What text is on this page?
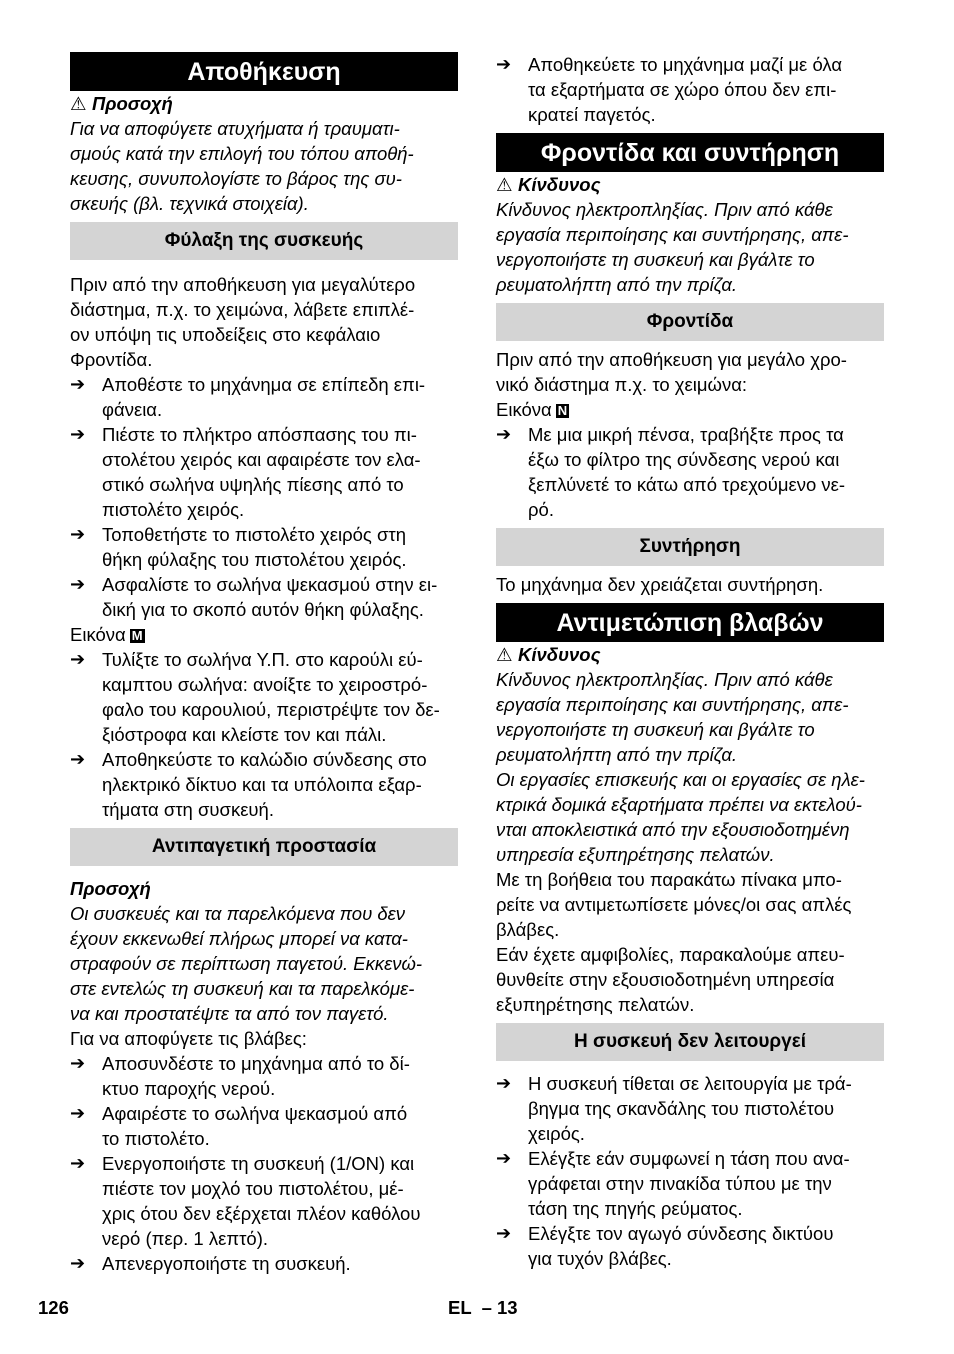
Αποθήκευση
⚠ Προσοχή
Για να αποφύγετε ατυχήματα ή τραυματι-
σμούς κατά την επιλογή του τόπου αποθή-
κευσης, συνυπολογίστε το βάρος της συ-
σκευής (βλ. τεχνικά στοιχεία).
Φύλαξη της συσκευής
Πριν από την αποθήκευση για μεγαλύτερο
διάστημα, π.χ. το χειμώνα, λάβετε επιπλέ-
ον υπόψη τις υποδείξεις στο κεφάλαιο
Φροντίδα.
➔ Αποθέστε το μηχάνημα σε επίπεδη επι-
φάνεια.
➔ Πιέστε το πλήκτρο απόσπασης του πι-
στολέτου χειρός και αφαιρέστε τον ελα-
στικό σωλήνα υψηλής πίεσης από το
πιστολέτο χειρός.
➔ Τοποθετήστε το πιστολέτο χειρός στη
θήκη φύλαξης του πιστολέτου χειρός.
➔ Ασφαλίστε το σωλήνα ψεκασμού στην ει-
δική για το σκοπό αυτόν θήκη φύλαξης.
Εικόνα M
➔ Τυλίξτε το σωλήνα Υ.Π. στο καρούλι εύ-
καμπτου σωλήνα: ανοίξτε το χειροστρό-
φαλο του καρουλιού, περιστρέψτε τον δε-
ξιόστροφα και κλείστε τον και πάλι.
➔ Αποθηκεύστε το καλώδιο σύνδεσης στο
ηλεκτρικό δίκτυο και τα υπόλοιπα εξαρ-
τήματα στη συσκευή.
Αντιπαγετική προστασία
Προσοχή
Οι συσκευές και τα παρελκόμενα που δεν
έχουν εκκενωθεί πλήρως μπορεί να κατα-
στραφούν σε περίπτωση παγετού. Εκκενώ-
στε εντελώς τη συσκευή και τα παρελκόμε-
να και προστατέψτε τα από τον παγετό.
Για να αποφύγετε τις βλάβες:
➔ Αποσυνδέστε το μηχάνημα από το δί-
κτυο παροχής νερού.
➔ Αφαιρέστε το σωλήνα ψεκασμού από
το πιστολέτο.
➔ Ενεργοποιήστε τη συσκευή (1/ON) και
πιέστε τον μοχλό του πιστολέτου, μέ-
χρις ότου δεν εξέρχεται πλέον καθόλου
νερό (περ. 1 λεπτό).
➔ Απενεργοποιήστε τη συσκευή.
➔ Αποθηκεύετε το μηχάνημα μαζί με όλα
τα εξαρτήματα σε χώρο όπου δεν επι-
κρατεί παγετός.
Φροντίδα και συντήρηση
⚠ Κίνδυνος
Κίνδυνος ηλεκτροπληξίας. Πριν από κάθε
εργασία περιποίησης και συντήρησης, απε-
νεργοποιήστε τη συσκευή και βγάλτε το
ρευματολήπτη από την πρίζα.
Φροντίδα
Πριν από την αποθήκευση για μεγάλο χρο-
νικό διάστημα π.χ. το χειμώνα:
Εικόνα N
➔ Με μια μικρή πένσα, τραβήξτε προς τα
έξω το φίλτρο της σύνδεσης νερού και
ξεπλύνετέ το κάτω από τρεχούμενο νε-
ρό.
Συντήρηση
Το μηχάνημα δεν χρειάζεται συντήρηση.
Αντιμετώπιση βλαβών
⚠ Κίνδυνος
Κίνδυνος ηλεκτροπληξίας. Πριν από κάθε
εργασία περιποίησης και συντήρησης, απε-
νεργοποιήστε τη συσκευή και βγάλτε το
ρευματολήπτη από την πρίζα.
Οι εργασίες επισκευής και οι εργασίες σε ηλε-
κτρικά δομικά εξαρτήματα πρέπει να εκτελού-
νται αποκλειστικά από την εξουσιοδοτημένη
υπηρεσία εξυπηρέτησης πελατών.
Με τη βοήθεια του παρακάτω πίνακα μπο-
ρείτε να αντιμετωπίσετε μόνες/οι σας απλές
βλάβες.
Εάν έχετε αμφιβολίες, παρακαλούμε απευ-
θυνθείτε στην εξουσιοδοτημένη υπηρεσία
εξυπηρέτησης πελατών.
Η συσκευή δεν λειτουργεί
➔ Η συσκευή τίθεται σε λειτουργία με τρά-
βηγμα της σκανδάλης του πιστολέτου
χειρός.
➔ Ελέγξτε εάν συμφωνεί η τάση που ανα-
γράφεται στην πινακίδα τύπου με την
τάση της πηγής ρεύματος.
➔ Ελέγξτε τον αγωγό σύνδεσης δικτύου
για τυχόν βλάβες.
126	EL  – 13
